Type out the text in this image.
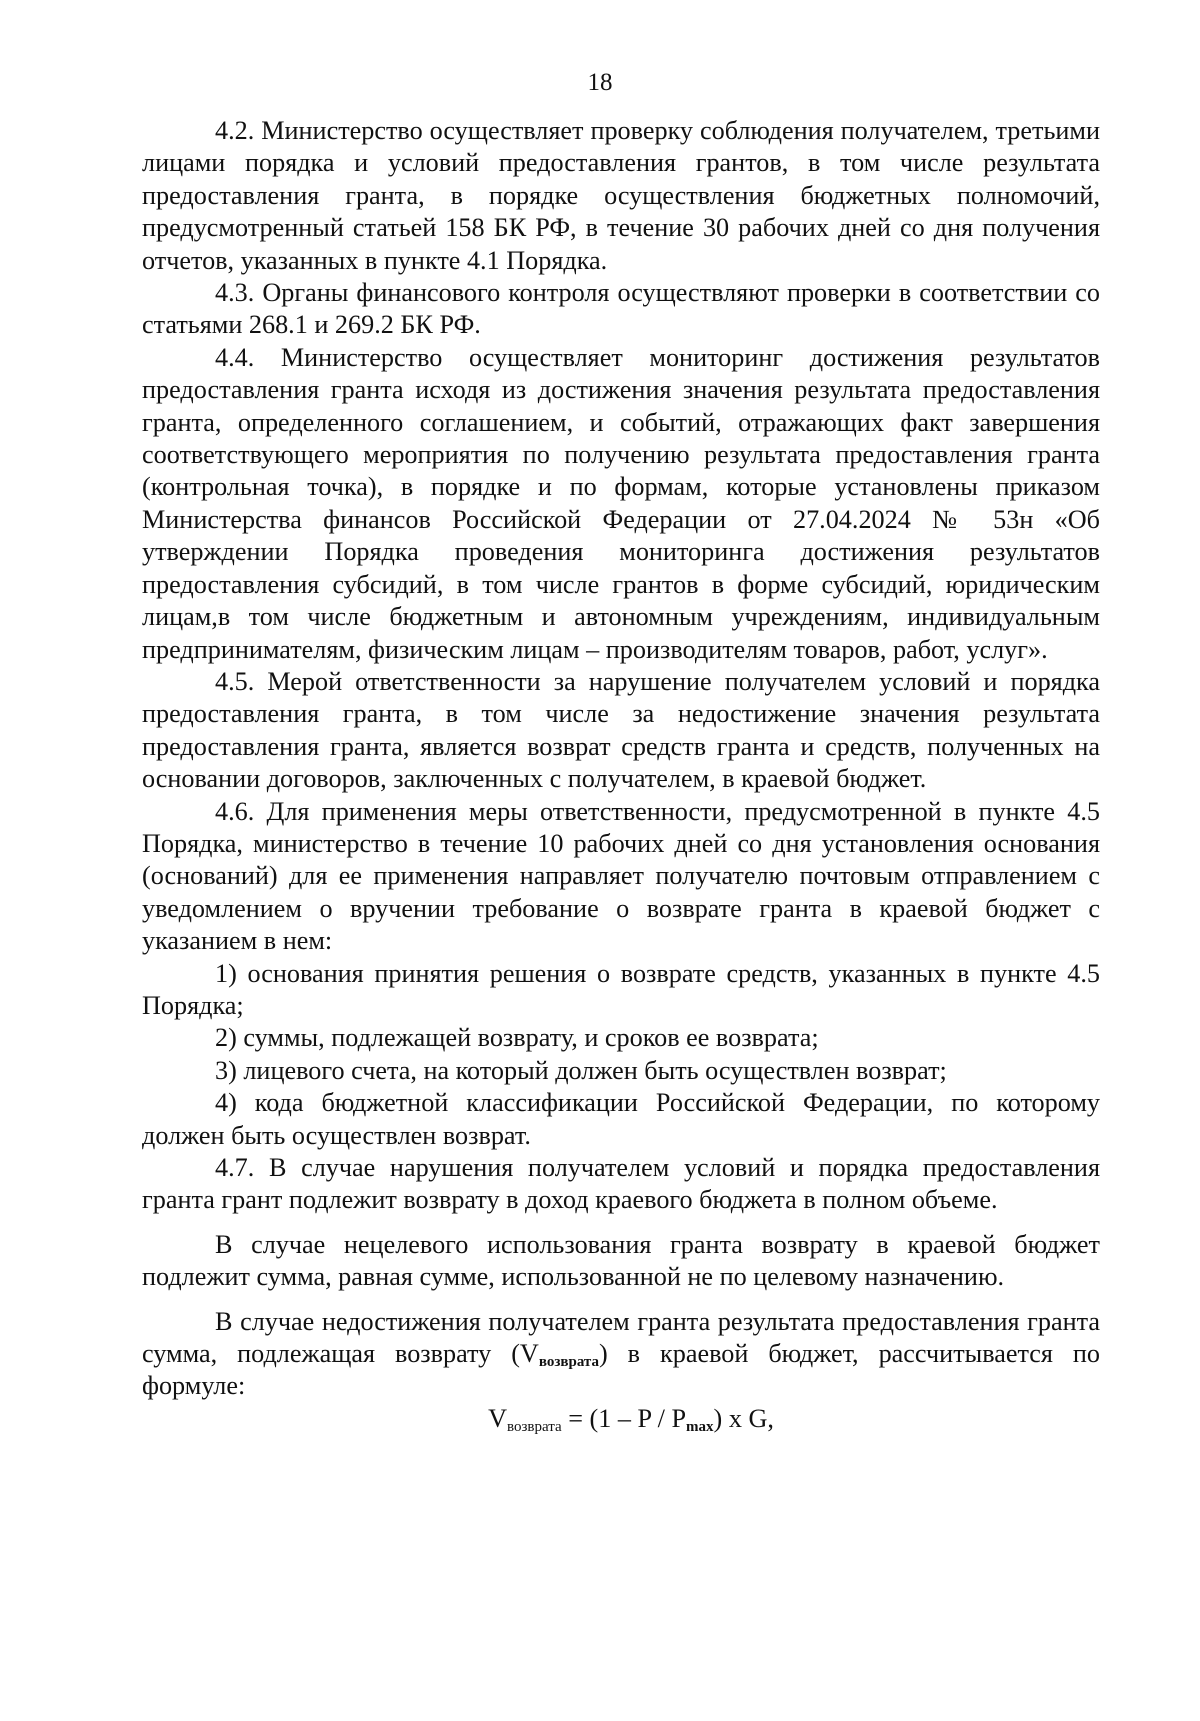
18

4.2. Министерство осуществляет проверку соблюдения получателем, третьими лицами порядка и условий предоставления грантов, в том числе результата предоставления гранта, в порядке осуществления бюджетных полномочий, предусмотренный статьей 158 БК РФ, в течение 30 рабочих дней со дня получения отчетов, указанных в пункте 4.1 Порядка.

4.3. Органы финансового контроля осуществляют проверки в соответствии со статьями 268.1 и 269.2 БК РФ.

4.4. Министерство осуществляет мониторинг достижения результатов предоставления гранта исходя из достижения значения результата предоставления гранта, определенного соглашением, и событий, отражающих факт завершения соответствующего мероприятия по получению результата предоставления гранта (контрольная точка), в порядке и по формам, которые установлены приказом Министерства финансов Российской Федерации от 27.04.2024 № 53н «Об утверждении Порядка проведения мониторинга достижения результатов предоставления субсидий, в том числе грантов в форме субсидий, юридическим лицам,в том числе бюджетным и автономным учреждениям, индивидуальным предпринимателям, физическим лицам – производителям товаров, работ, услуг».

4.5. Мерой ответственности за нарушение получателем условий и порядка предоставления гранта, в том числе за недостижение значения результата предоставления гранта, является возврат средств гранта и средств, полученных на основании договоров, заключенных с получателем, в краевой бюджет.

4.6. Для применения меры ответственности, предусмотренной в пункте 4.5 Порядка, министерство в течение 10 рабочих дней со дня установления основания (оснований) для ее применения направляет получателю почтовым отправлением с уведомлением о вручении требование о возврате гранта в краевой бюджет с указанием в нем:

1) основания принятия решения о возврате средств, указанных в пункте 4.5 Порядка;

2) суммы, подлежащей возврату, и сроков ее возврата;

3) лицевого счета, на который должен быть осуществлен возврат;

4) кода бюджетной классификации Российской Федерации, по которому должен быть осуществлен возврат.

4.7. В случае нарушения получателем условий и порядка предоставления гранта грант подлежит возврату в доход краевого бюджета в полном объеме.

В случае нецелевого использования гранта возврату в краевой бюджет подлежит сумма, равная сумме, использованной не по целевому назначению.

В случае недостижения получателем гранта результата предоставления гранта сумма, подлежащая возврату $(V_{возврата})$ в краевой бюджет, рассчитывается по формуле:

$V_{возврата} = (1 - P / P_{max})$ x G,
